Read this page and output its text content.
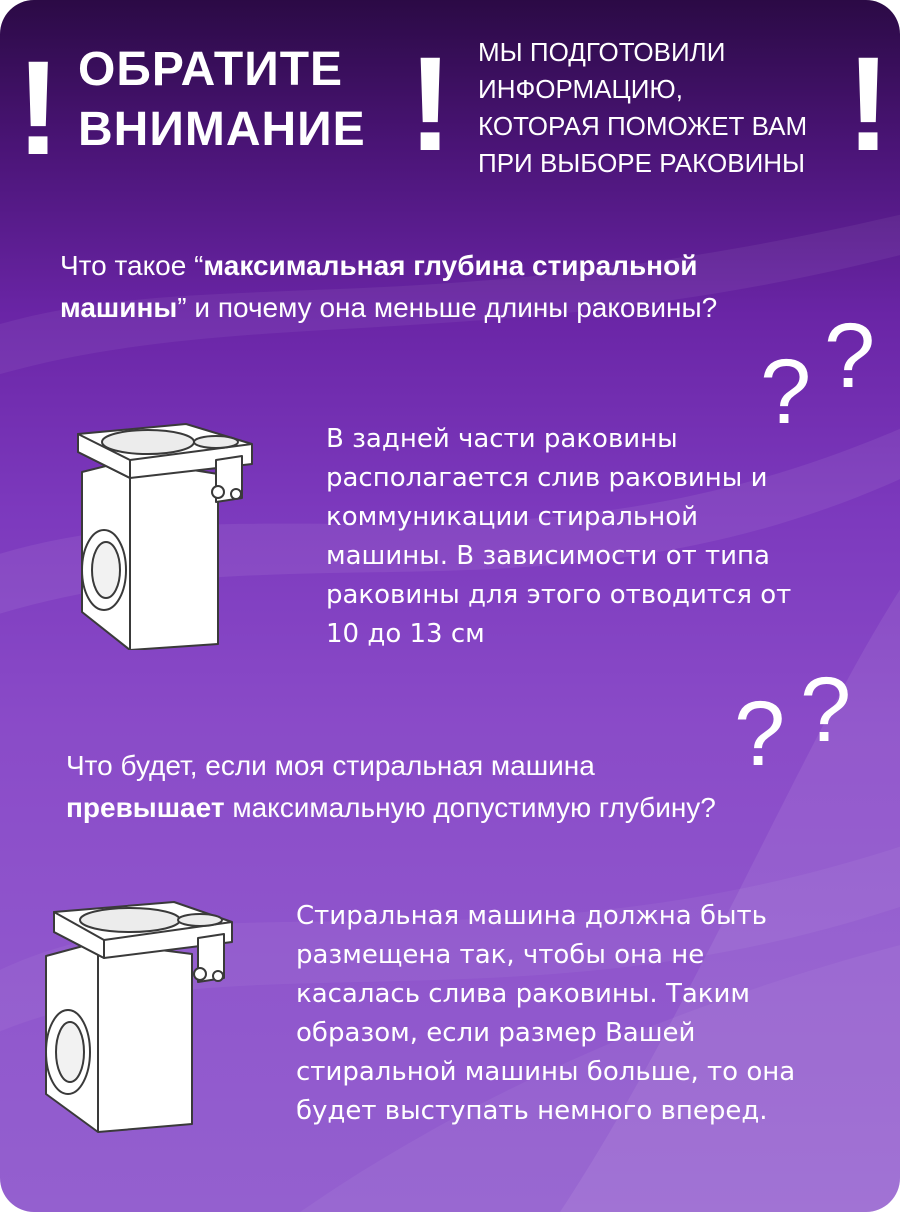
! ОБРАТИТЕ
ВНИМАНИЕ ! МЫ ПОДГОТОВИЛИ
ИНФОРМАЦИЮ,
КОТОРАЯ ПОМОЖЕТ ВАМ
ПРИ ВЫБОРЕ РАКОВИНЫ !
Что такое “максимальная глубина стиральной
машины” и почему она меньше длины раковины?
? ?
В задней части раковины
располагается слив раковины и
коммуникации стиральной
машины. В зависимости от типа
раковины для этого отводится от
10 до 13 см
? ?
Что будет, если моя стиральная машина
превышает максимальную допустимую глубину?
Стиральная машина должна быть
размещена так, чтобы она не
касалась слива раковины. Таким
образом, если размер Вашей
стиральной машины больше, то она
будет выступать немного вперед.
